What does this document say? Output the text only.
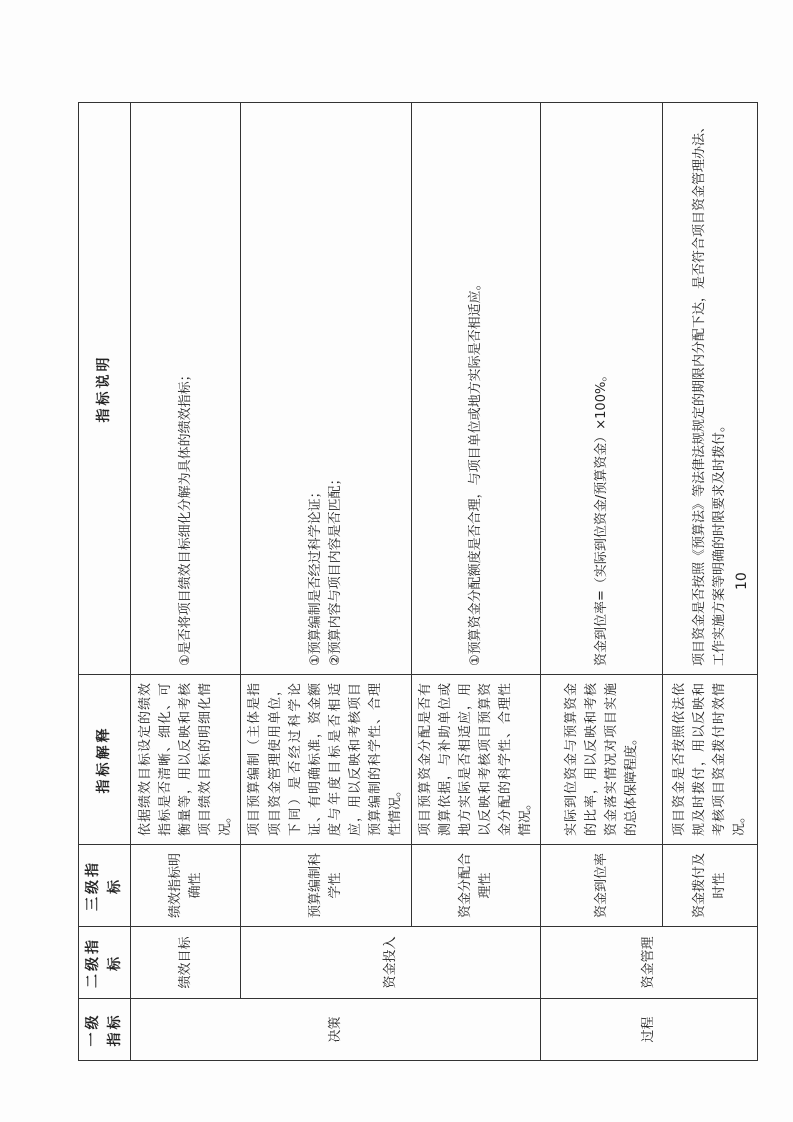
一级指标	二级指标	三级指标	指标解释	指标说明
决策	绩效目标	绩效指标明确性	依据绩效目标设定的绩效指标是否清晰、细化、可衡量等，用以反映和考核项目绩效目标的明细化情况。	①是否将项目绩效目标细化分解为具体的绩效指标；

	资金投入	预算编制科学性	项目预算编制（主体是指项目资金管理使用单位，下同）是否经过科学论证、有明确标准，资金额度与年度目标是否相适应，用以反映和考核项目预算编制的科学性、合理性情况。	①预算编制是否经过科学论证； ②预算内容与项目内容是否匹配；

		资金分配合理性	项目预算资金分配是否有测算依据，与补助单位或地方实际是否相适应，用以反映和考核项目预算资金分配的科学性、合理性情况。	①预算资金分配额度是否合理，与项目单位或地方实际是否相适应。

过程	资金管理	资金到位率	实际到位资金与预算资金的比率，用以反映和考核资金落实情况对项目实施的总体保障程度。	资金到位率=（实际到位资金/预算资金）×100%。

		资金拨付及时性	项目资金是否按照依法依规及时拨付，用以反映和考核项目资金拨付时效情况。	项目资金是否按照《预算法》等法律法规规定的期限内分配下达，是否符合项目资金管理办法、工作实施方案等明确的时限要求及时拨付。 10
